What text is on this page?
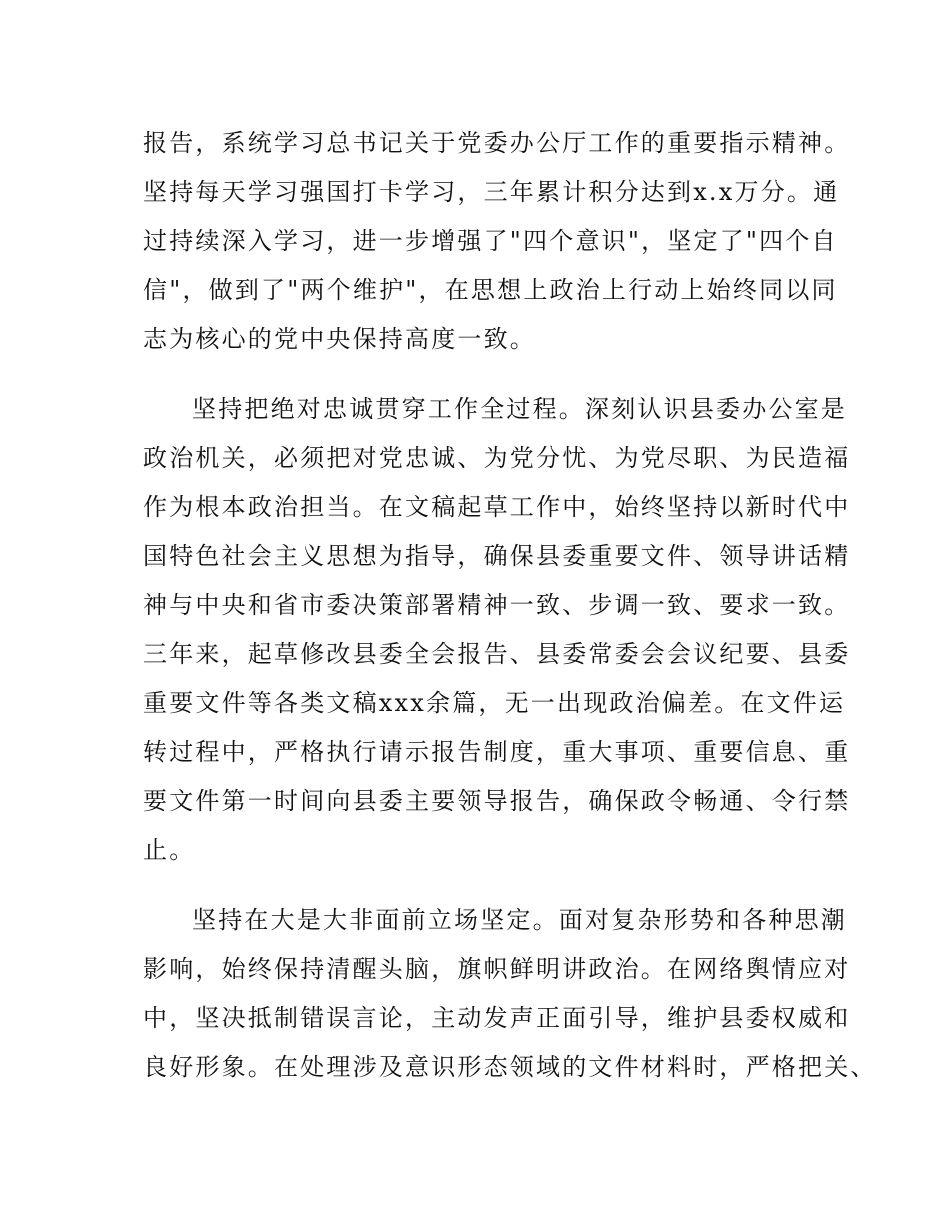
报告，系统学习总书记关于党委办公厅工作的重要指示精神。

坚持每天学习强国打卡学习，三年累计积分达到x.x万分。通

过持续深入学习，进一步增强了"四个意识"，坚定了"四个自

信"，做到了"两个维护"，在思想上政治上行动上始终同以同

志为核心的党中央保持高度一致。

坚持把绝对忠诚贯穿工作全过程。深刻认识县委办公室是

政治机关，必须把对党忠诚、为党分忧、为党尽职、为民造福

作为根本政治担当。在文稿起草工作中，始终坚持以新时代中

国特色社会主义思想为指导，确保县委重要文件、领导讲话精

神与中央和省市委决策部署精神一致、步调一致、要求一致。

三年来，起草修改县委全会报告、县委常委会会议纪要、县委

重要文件等各类文稿xxx余篇，无一出现政治偏差。在文件运

转过程中，严格执行请示报告制度，重大事项、重要信息、重

要文件第一时间向县委主要领导报告，确保政令畅通、令行禁

止。

坚持在大是大非面前立场坚定。面对复杂形势和各种思潮

影响，始终保持清醒头脑，旗帜鲜明讲政治。在网络舆情应对

中，坚决抵制错误言论，主动发声正面引导，维护县委权威和

良好形象。在处理涉及意识形态领域的文件材料时，严格把关、
